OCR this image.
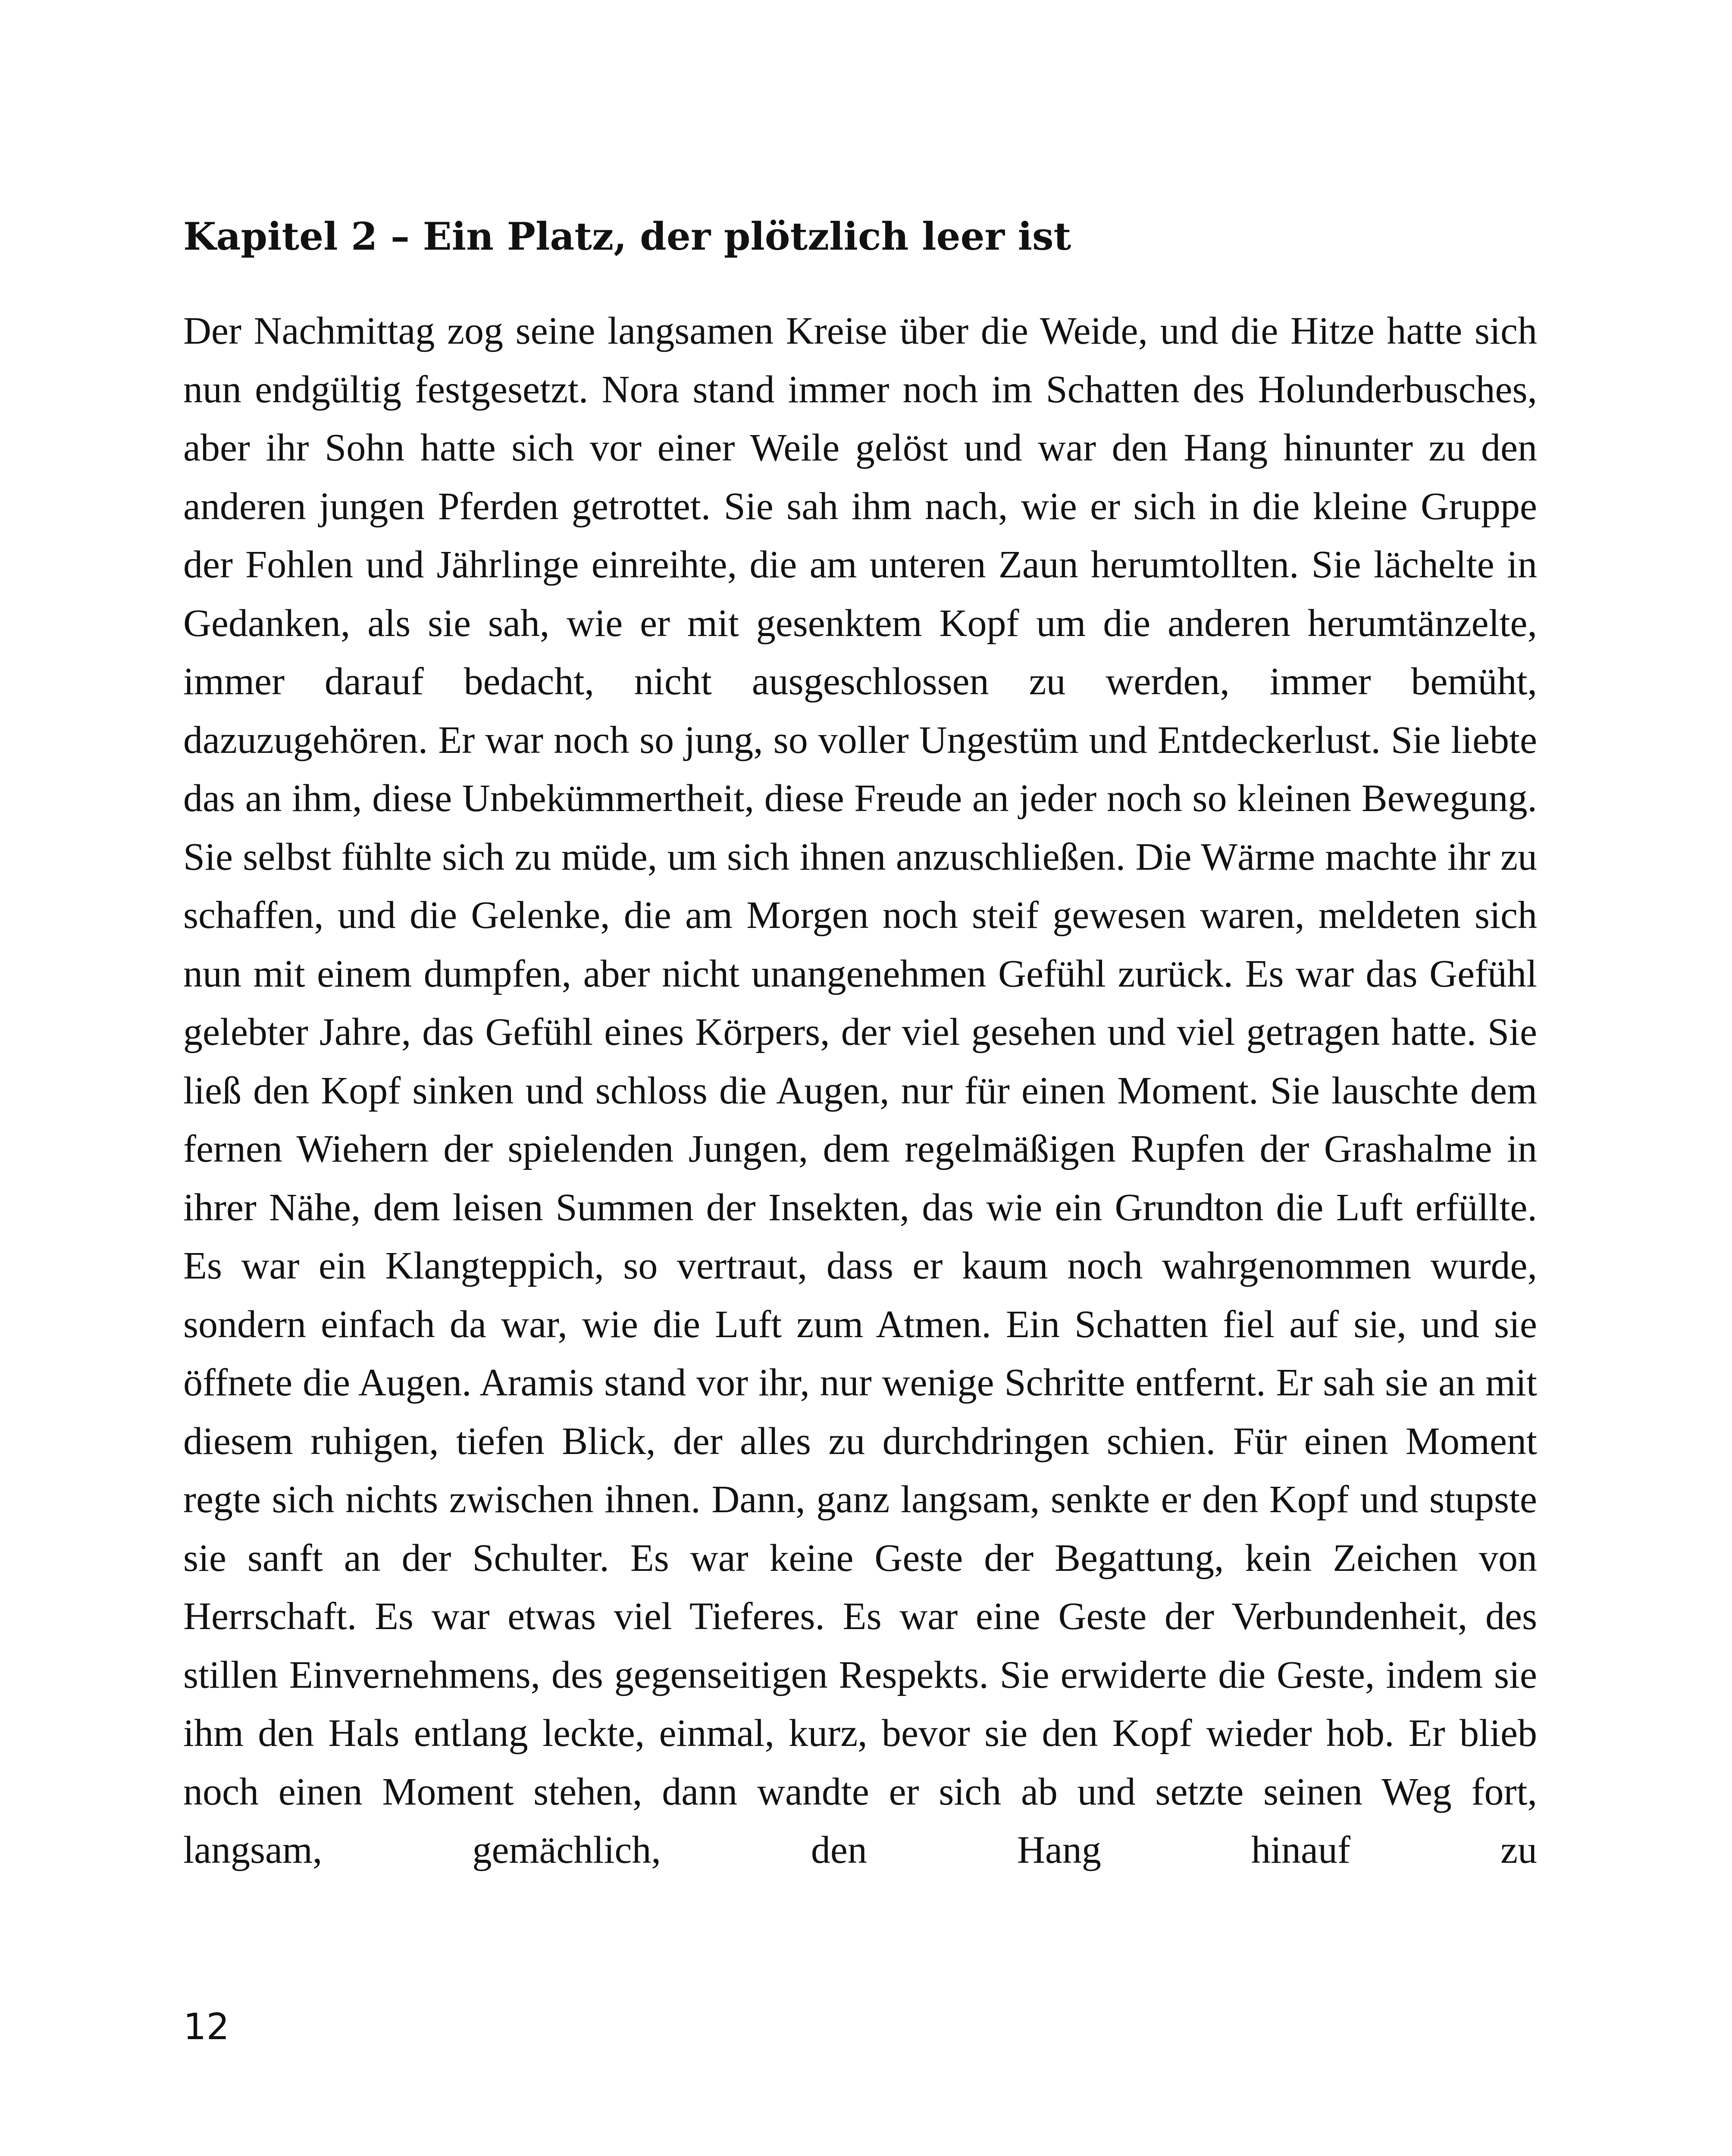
Kapitel 2 – Ein Platz, der plötzlich leer ist

Der Nachmittag zog seine langsamen Kreise über die Weide, und die Hitze hatte sich nun endgültig festgesetzt. Nora stand immer noch im Schatten des Holunderbusches, aber ihr Sohn hatte sich vor einer Weile gelöst und war den Hang hinunter zu den anderen jungen Pferden getrottet. Sie sah ihm nach, wie er sich in die kleine Gruppe der Fohlen und Jährlinge einreihte, die am unteren Zaun herumtollten. Sie lächelte in Gedanken, als sie sah, wie er mit gesenktem Kopf um die anderen herumtänzelte, immer darauf bedacht, nicht ausgeschlossen zu werden, immer bemüht, dazuzugehören. Er war noch so jung, so voller Ungestüm und Entdeckerlust. Sie liebte das an ihm, diese Unbekümmertheit, diese Freude an jeder noch so kleinen Bewegung. Sie selbst fühlte sich zu müde, um sich ihnen anzuschließen. Die Wärme machte ihr zu schaffen, und die Gelenke, die am Morgen noch steif gewesen waren, meldeten sich nun mit einem dumpfen, aber nicht unangenehmen Gefühl zurück. Es war das Gefühl gelebter Jahre, das Gefühl eines Körpers, der viel gesehen und viel getragen hatte. Sie ließ den Kopf sinken und schloss die Augen, nur für einen Moment. Sie lauschte dem fernen Wiehern der spielenden Jungen, dem regelmäßigen Rupfen der Grashalme in ihrer Nähe, dem leisen Summen der Insekten, das wie ein Grundton die Luft erfüllte. Es war ein Klangteppich, so vertraut, dass er kaum noch wahrgenommen wurde, sondern einfach da war, wie die Luft zum Atmen. Ein Schatten fiel auf sie, und sie öffnete die Augen. Aramis stand vor ihr, nur wenige Schritte entfernt. Er sah sie an mit diesem ruhigen, tiefen Blick, der alles zu durchdringen schien. Für einen Moment regte sich nichts zwischen ihnen. Dann, ganz langsam, senkte er den Kopf und stupste sie sanft an der Schulter. Es war keine Geste der Begattung, kein Zeichen von Herrschaft. Es war etwas viel Tieferes. Es war eine Geste der Verbundenheit, des stillen Einvernehmens, des gegenseitigen Respekts. Sie erwiderte die Geste, indem sie ihm den Hals entlang leckte, einmal, kurz, bevor sie den Kopf wieder hob. Er blieb noch einen Moment stehen, dann wandte er sich ab und setzte seinen Weg fort, langsam, gemächlich, den Hang hinauf zu

12
